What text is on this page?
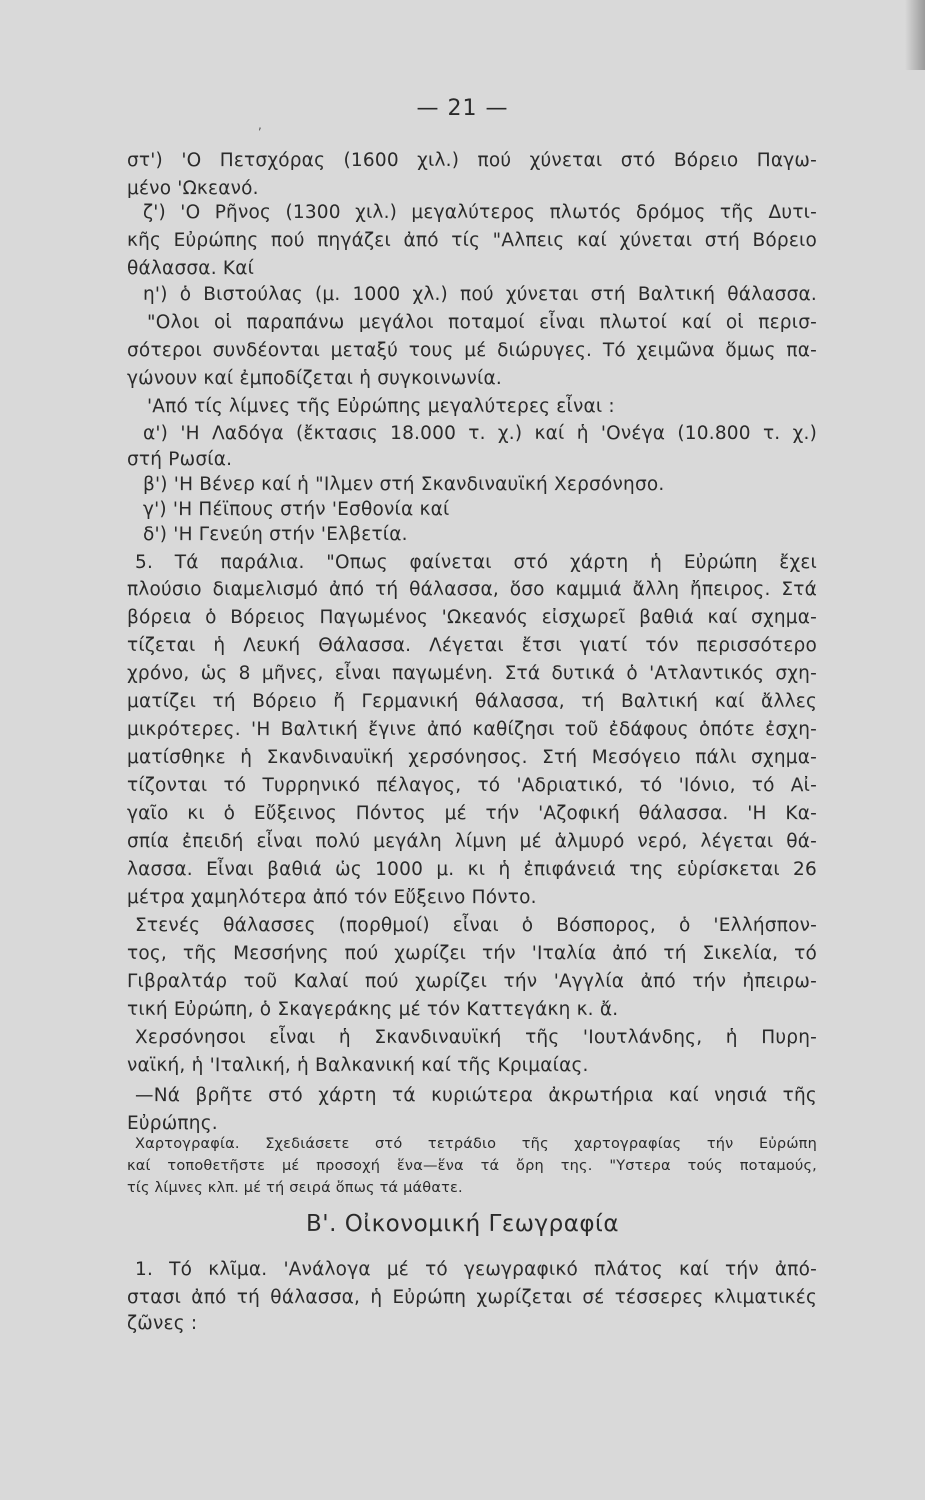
,
— 21 —
στ') 'Ο Πετσχόρας (1600 χιλ.) πού χύνεται στό Βόρειο Παγω-
μένο 'Ωκεανό.
ζ') 'Ο Ρῆνος (1300 χιλ.) μεγαλύτερος πλωτός δρόμος τῆς Δυτι-
κῆς Εὐρώπης πού πηγάζει ἀπό τίς "Αλπεις καί χύνεται στή Βόρειο
θάλασσα. Καί
η') ὁ Βιστούλας (μ. 1000 χλ.) πού χύνεται στή Βαλτική θάλασσα.
"Ολοι οἱ παραπάνω μεγάλοι ποταμοί εἶναι πλωτοί καί οἱ περισ-
σότεροι συνδέονται μεταξύ τους μέ διώρυγες. Τό χειμῶνα ὅμως πα-
γώνουν καί ἐμποδίζεται ἡ συγκοινωνία.
'Από τίς λίμνες τῆς Εὐρώπης μεγαλύτερες εἶναι :
α') 'Η Λαδόγα (ἔκτασις 18.000 τ. χ.) καί ἡ 'Ονέγα (10.800 τ. χ.)
στή Ρωσία.
β') 'Η Βένερ καί ἡ "Ιλμεν στή Σκανδιναυϊκή Χερσόνησο.
γ') 'Η Πέϊπους στήν 'Εσθονία καί
δ') 'Η Γενεύη στήν 'Ελβετία.
5. Τά παράλια. "Οπως φαίνεται στό χάρτη ἡ Εὐρώπη ἔχει
πλούσιο διαμελισμό ἀπό τή θάλασσα, ὅσο καμμιά ἄλλη ἤπειρος. Στά
βόρεια ὁ Βόρειος Παγωμένος 'Ωκεανός εἰσχωρεῖ βαθιά καί σχημα-
τίζεται ἡ Λευκή Θάλασσα. Λέγεται ἔτσι γιατί τόν περισσότερο
χρόνο, ὡς 8 μῆνες, εἶναι παγωμένη. Στά δυτικά ὁ 'Ατλαντικός σχη-
ματίζει τή Βόρειο ἤ Γερμανική θάλασσα, τή Βαλτική καί ἄλλες
μικρότερες. 'Η Βαλτική ἔγινε ἀπό καθίζησι τοῦ ἐδάφους ὁπότε ἐσχη-
ματίσθηκε ἡ Σκανδιναυϊκή χερσόνησος. Στή Μεσόγειο πάλι σχημα-
τίζονται τό Τυρρηνικό πέλαγος, τό 'Αδριατικό, τό 'Ιόνιο, τό Αἰ-
γαῖο κι ὁ Εὔξεινος Πόντος μέ τήν 'Αζοφική θάλασσα. 'Η Κα-
σπία ἐπειδή εἶναι πολύ μεγάλη λίμνη μέ ἁλμυρό νερό, λέγεται θά-
λασσα. Εἶναι βαθιά ὡς 1000 μ. κι ἡ ἐπιφάνειά της εὑρίσκεται 26
μέτρα χαμηλότερα ἀπό τόν Εὔξεινο Πόντο.
Στενές θάλασσες (πορθμοί) εἶναι ὁ Βόσπορος, ὁ 'Ελλήσπον-
τος, τῆς Μεσσήνης πού χωρίζει τήν 'Ιταλία ἀπό τή Σικελία, τό
Γιβραλτάρ τοῦ Καλαί πού χωρίζει τήν 'Αγγλία ἀπό τήν ἠπειρω-
τική Εὐρώπη, ὁ Σκαγεράκης μέ τόν Καττεγάκη κ. ἄ.
Χερσόνησοι εἶναι ἡ Σκανδιναυϊκή τῆς 'Ιουτλάνδης, ἡ Πυρη-
ναϊκή, ἡ 'Ιταλική, ἡ Βαλκανική καί τῆς Κριμαίας.
—Νά βρῆτε στό χάρτη τά κυριώτερα ἀκρωτήρια καί νησιά τῆς
Εὐρώπης.
Χαρτογραφία. Σχεδιάσετε στό τετράδιο τῆς χαρτογραφίας τήν Εὐρώπη
καί τοποθετῆστε μέ προσοχή ἕνα—ἕνα τά ὄρη της. "Υστερα τούς ποταμούς,
τίς λίμνες κλπ. μέ τή σειρά ὅπως τά μάθατε.
Β'. Οἰκονομική Γεωγραφία
1. Τό κλῖμα. 'Ανάλογα μέ τό γεωγραφικό πλάτος καί τήν ἀπό-
στασι ἀπό τή θάλασσα, ἡ Εὐρώπη χωρίζεται σέ τέσσερες κλιματικές
ζῶνες :
